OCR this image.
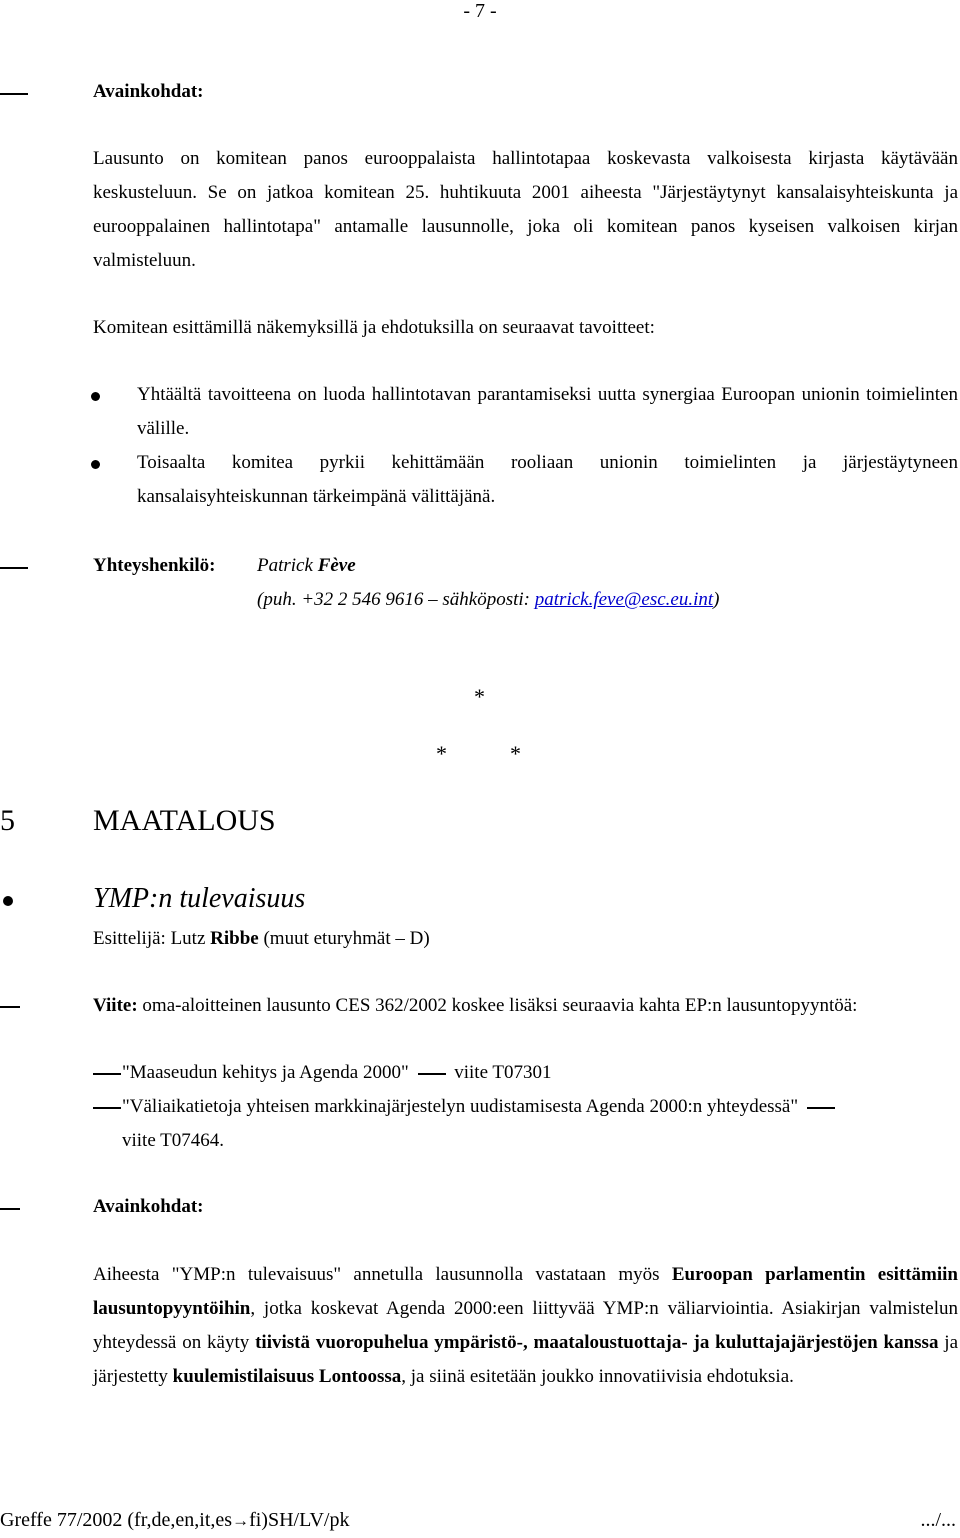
- 7 -
Avainkohdat:
Lausunto on komitean panos eurooppalaista hallintotapaa koskevasta valkoisesta kirjasta käytävään keskusteluun. Se on jatkoa komitean 25. huhtikuuta 2001 aiheesta "Järjestäytynyt kansalaisyhteiskunta ja eurooppalainen hallintotapa" antamalle lausunnolle, joka oli komitean panos kyseisen valkoisen kirjan valmisteluun.
Komitean esittämillä näkemyksillä ja ehdotuksilla on seuraavat tavoitteet:
Yhtäältä tavoitteena on luoda hallintotavan parantamiseksi uutta synergiaa Euroopan unionin toimielinten välille.
Toisaalta komitea pyrkii kehittämään rooliaan unionin toimielinten ja järjestäytyneen kansalaisyhteiskunnan tärkeimpänä välittäjänä.
Yhteyshenkilö: Patrick Fève
(puh. +32 2 546 9616 – sähköposti: patrick.feve@esc.eu.int)
*
*	*
5	MAATALOUS
YMP:n tulevaisuus
Esittelijä: Lutz Ribbe (muut eturyhmät – D)
Viite: oma-aloitteinen lausunto CES 362/2002 koskee lisäksi seuraavia kahta EP:n lausuntopyyntöä:
"Maaseudun kehitys ja Agenda 2000" viite T07301
"Väliaikatietoja yhteisen markkinajärjestelyn uudistamisesta Agenda 2000:n yhteydessä"
viite T07464.
Avainkohdat:
Aiheesta "YMP:n tulevaisuus" annetulla lausunnolla vastataan myös Euroopan parlamentin esittämiin lausuntopyyntöihin, jotka koskevat Agenda 2000:een liittyvää YMP:n väliarviointia. Asiakirjan valmistelun yhteydessä on käyty tiivistä vuoropuhelua ympäristö-, maataloustuottaja- ja kuluttajajärjestöjen kanssa ja järjestetty kuulemistilaisuus Lontoossa, ja siinä esitetään joukko innovatiivisia ehdotuksia.
Greffe 77/2002 (fr,de,en,it,es→fi)SH/LV/pk	.../...
